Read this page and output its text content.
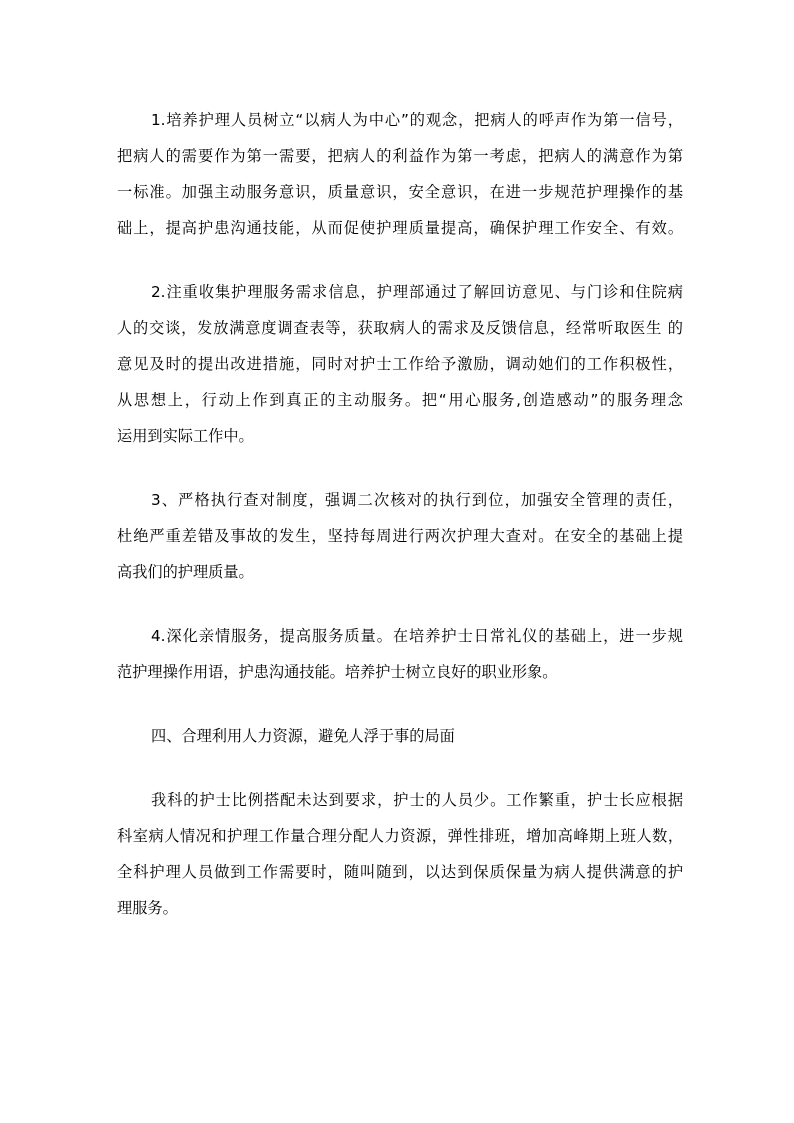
1.培养护理人员树立“以病人为中心”的观念，把病人的呼声作为第一信号，
把病人的需要作为第一需要，把病人的利益作为第一考虑，把病人的满意作为第
一标准。加强主动服务意识，质量意识，安全意识，在进一步规范护理操作的基
础上，提高护患沟通技能，从而促使护理质量提高，确保护理工作安全、有效。
2.注重收集护理服务需求信息，护理部通过了解回访意见、与门诊和住院病
人的交谈，发放满意度调查表等，获取病人的需求及反馈信息，经常听取医生 的
意见及时的提出改进措施，同时对护士工作给予激励，调动她们的工作积极性，
从思想上，行动上作到真正的主动服务。把“用心服务,创造感动”的服务理念
运用到实际工作中。
3、严格执行查对制度，强调二次核对的执行到位，加强安全管理的责任，
杜绝严重差错及事故的发生，坚持每周进行两次护理大查对。在安全的基础上提
高我们的护理质量。
4.深化亲情服务，提高服务质量。在培养护士日常礼仪的基础上，进一步规
范护理操作用语，护患沟通技能。培养护士树立良好的职业形象。
四、合理利用人力资源，避免人浮于事的局面
我科的护士比例搭配未达到要求，护士的人员少。工作繁重，护士长应根据
科室病人情况和护理工作量合理分配人力资源，弹性排班，增加高峰期上班人数，
全科护理人员做到工作需要时，随叫随到，以达到保质保量为病人提供满意的护
理服务。
